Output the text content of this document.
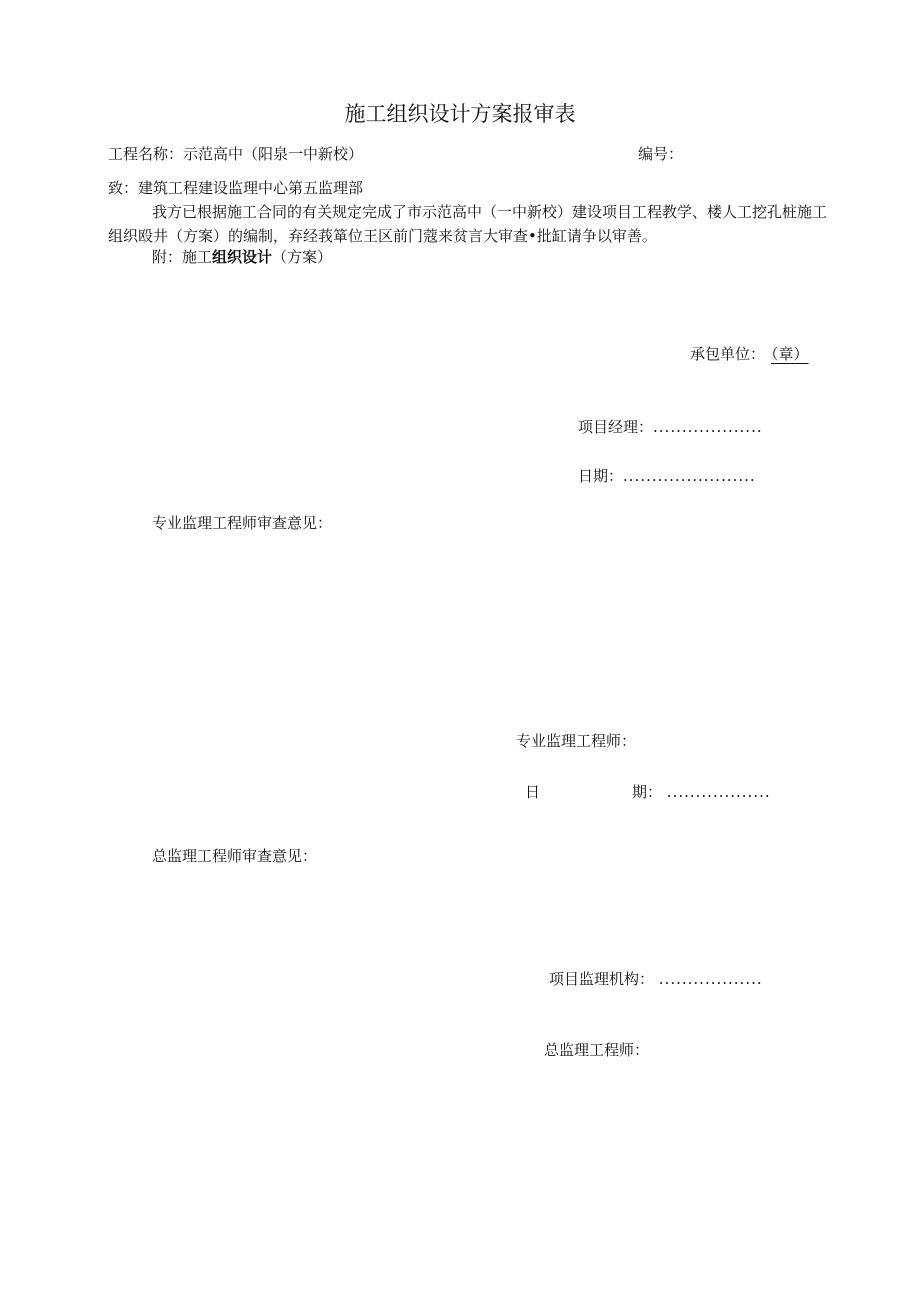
施工组织设计方案报审表
工程名称：示范高中（阳泉一中新校）	编号：
致：建筑工程建设监理中心第五监理部
我方已根据施工合同的有关规定完成了市示范高中（一中新校）建设项目工程教学、楼人工挖孔桩施工组织殴井（方案）的编制，弃经莪箪位王区前门蔻来贫言大审查•批缸请争以审善。
附：施工组织设计（方案）
承包单位： （章）
项目经理：...................
日期：.......................
专业监理工程师审查意见：
专业监理工程师：
日	期： ..................
总监理工程师审查意见：
项目监理机构： ..................
总监理工程师：
